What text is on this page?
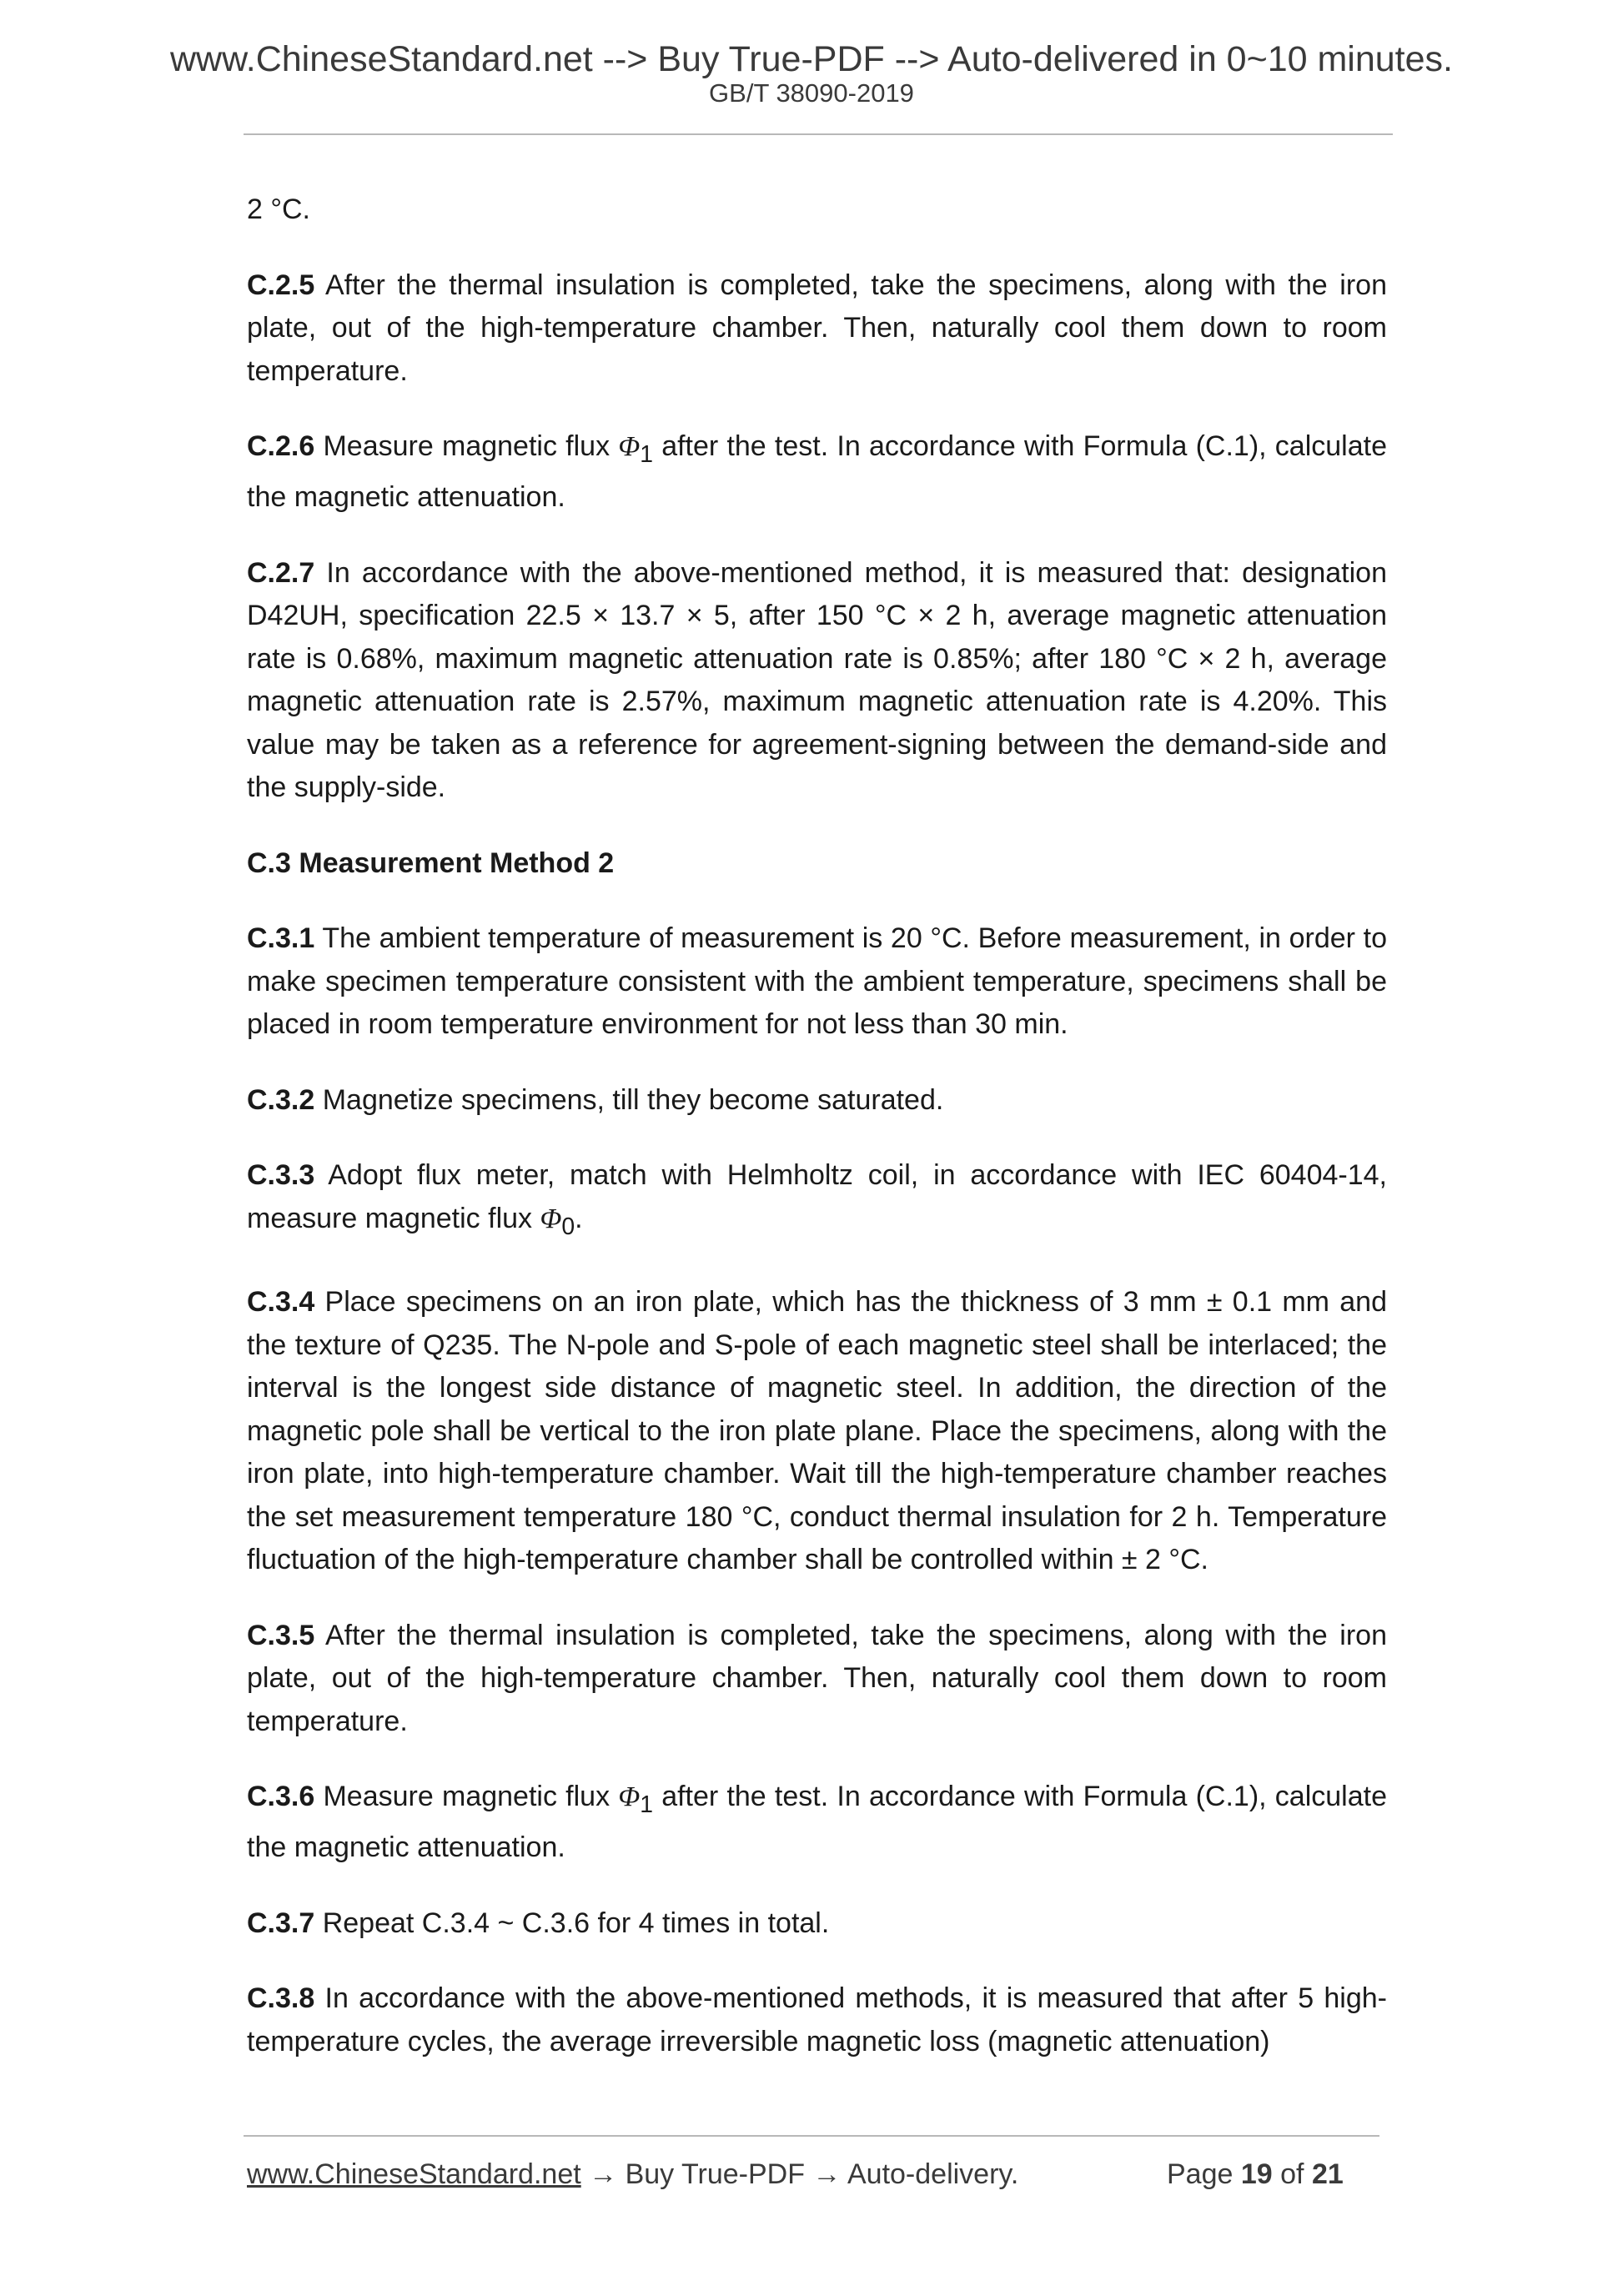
www.ChineseStandard.net --> Buy True-PDF --> Auto-delivered in 0~10 minutes.
GB/T 38090-2019

2 °C.

C.2.5 After the thermal insulation is completed, take the specimens, along with the iron plate, out of the high-temperature chamber. Then, naturally cool them down to room temperature.

C.2.6 Measure magnetic flux $\Phi_1$ after the test. In accordance with Formula (C.1), calculate the magnetic attenuation.

C.2.7 In accordance with the above-mentioned method, it is measured that: designation D42UH, specification 22.5 × 13.7 × 5, after 150 °C × 2 h, average magnetic attenuation rate is 0.68%, maximum magnetic attenuation rate is 0.85%; after 180 °C × 2 h, average magnetic attenuation rate is 2.57%, maximum magnetic attenuation rate is 4.20%. This value may be taken as a reference for agreement-signing between the demand-side and the supply-side.

C.3 Measurement Method 2

C.3.1 The ambient temperature of measurement is 20 °C. Before measurement, in order to make specimen temperature consistent with the ambient temperature, specimens shall be placed in room temperature environment for not less than 30 min.

C.3.2 Magnetize specimens, till they become saturated.

C.3.3 Adopt flux meter, match with Helmholtz coil, in accordance with IEC 60404-14, measure magnetic flux $\Phi_0$.

C.3.4 Place specimens on an iron plate, which has the thickness of 3 mm ± 0.1 mm and the texture of Q235. The N-pole and S-pole of each magnetic steel shall be interlaced; the interval is the longest side distance of magnetic steel. In addition, the direction of the magnetic pole shall be vertical to the iron plate plane. Place the specimens, along with the iron plate, into high-temperature chamber. Wait till the high-temperature chamber reaches the set measurement temperature 180 °C, conduct thermal insulation for 2 h. Temperature fluctuation of the high-temperature chamber shall be controlled within ± 2 °C.

C.3.5 After the thermal insulation is completed, take the specimens, along with the iron plate, out of the high-temperature chamber. Then, naturally cool them down to room temperature.

C.3.6 Measure magnetic flux $\Phi_1$ after the test. In accordance with Formula (C.1), calculate the magnetic attenuation.

C.3.7 Repeat C.3.4 ~ C.3.6 for 4 times in total.

C.3.8 In accordance with the above-mentioned methods, it is measured that after 5 high-temperature cycles, the average irreversible magnetic loss (magnetic attenuation)

www.ChineseStandard.net → Buy True-PDF → Auto-delivery.	Page 19 of 21
